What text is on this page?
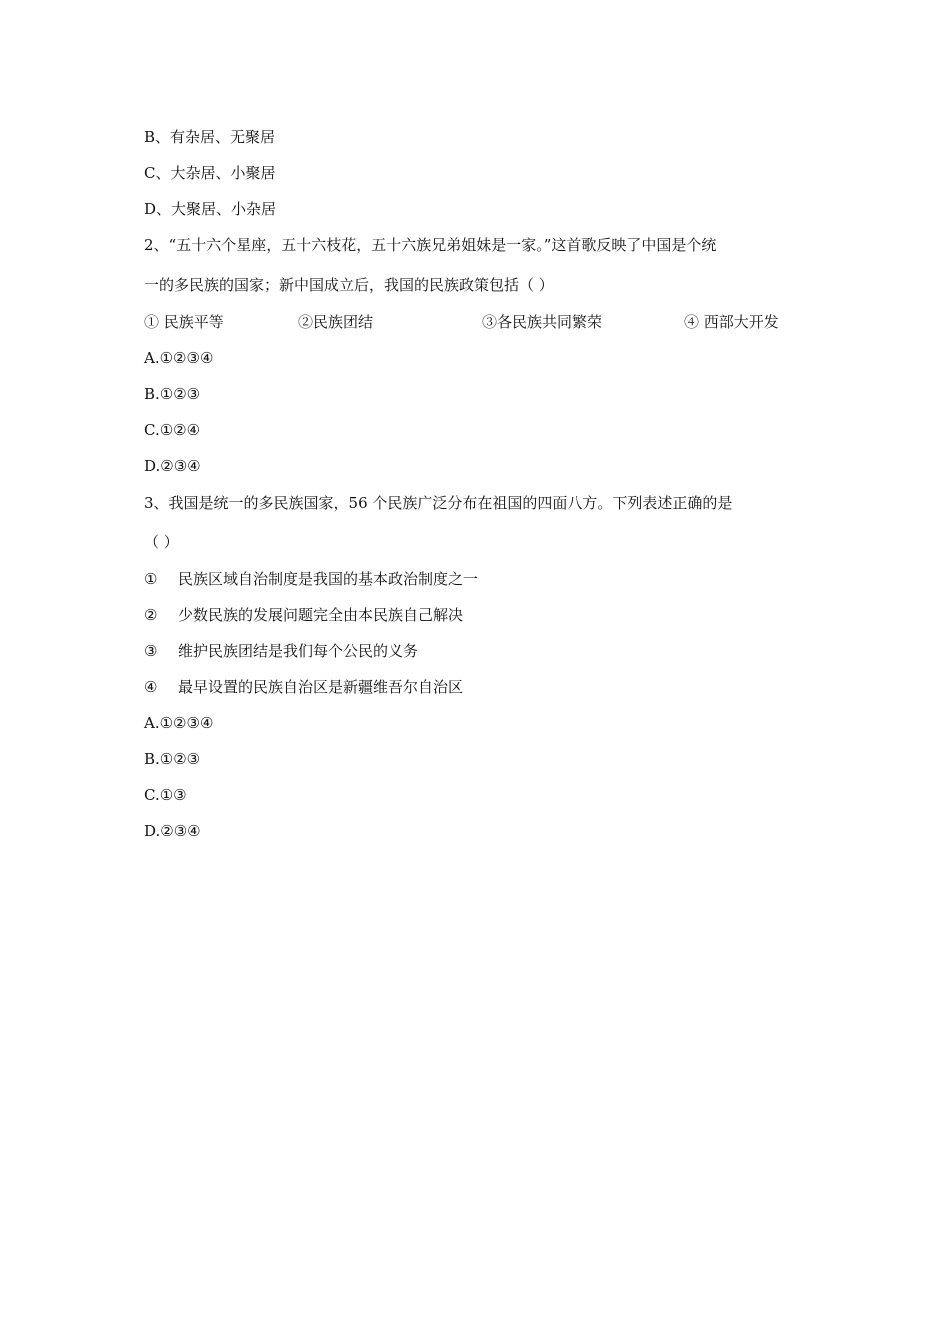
B、有杂居、无聚居
C、大杂居、小聚居
D、大聚居、小杂居
2、“五十六个星座，五十六枝花，五十六族兄弟姐妹是一家。”这首歌反映了中国是个统
一的多民族的国家；新中国成立后，我国的民族政策包括（ ）
① 民族平等	②民族团结	③各民族共同繁荣	④ 西部大开发
A.①②③④
B.①②③
C.①②④
D.②③④
3、我国是统一的多民族国家，56 个民族广泛分布在祖国的四面八方。下列表述正确的是
（ ）
① 民族区域自治制度是我国的基本政治制度之一
② 少数民族的发展问题完全由本民族自己解决
③ 维护民族团结是我们每个公民的义务
④ 最早设置的民族自治区是新疆维吾尔自治区
A.①②③④
B.①②③
C.①③
D.②③④
